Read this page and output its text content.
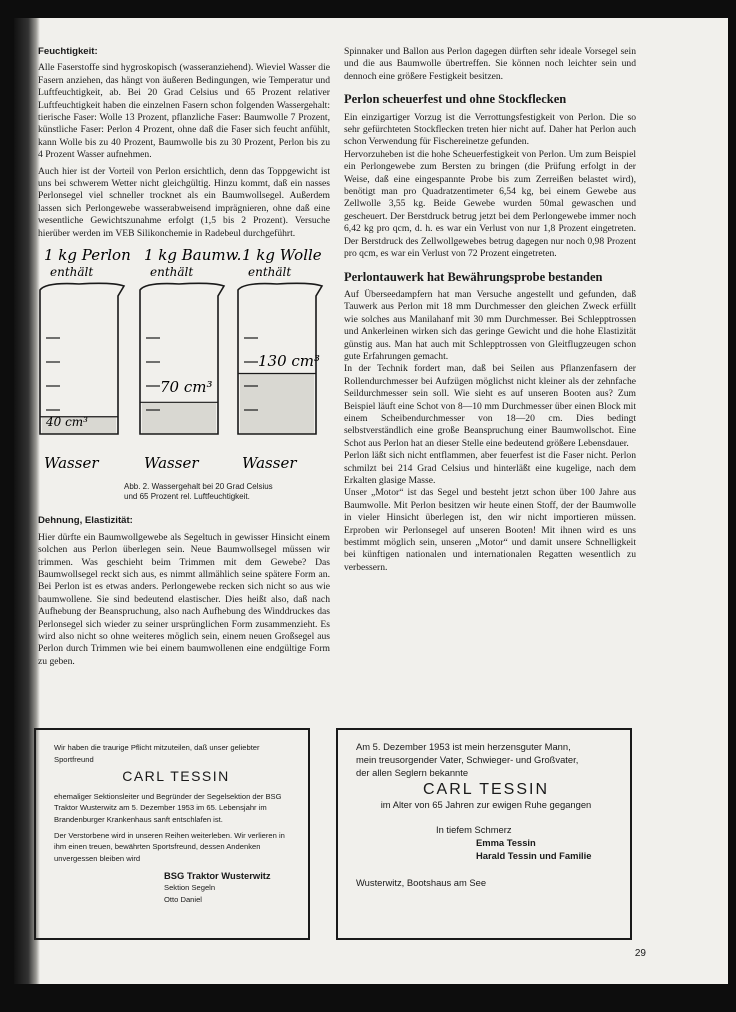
Feuchtigkeit:

Alle Faserstoffe sind hygroskopisch (wasseranziehend). Wieviel Wasser die Fasern anziehen, das hängt von äußeren Bedingungen, wie Temperatur und Luftfeuchtigkeit, ab. Bei 20 Grad Celsius und 65 Prozent relativer Luftfeuchtigkeit haben die einzelnen Fasern schon folgenden Wassergehalt: tierische Faser: Wolle 13 Prozent, pflanzliche Faser: Baumwolle 7 Prozent, künstliche Faser: Perlon 4 Prozent, ohne daß die Faser sich feucht anfühlt, kann Wolle bis zu 40 Prozent, Baumwolle bis zu 30 Prozent, Perlon bis zu 4 Prozent Wasser aufnehmen.

Auch hier ist der Vorteil von Perlon ersichtlich, denn das Toppgewicht ist uns bei schwerem Wetter nicht gleichgültig. Hinzu kommt, daß ein nasses Perlonsegel viel schneller trocknet als ein Baumwollsegel. Außerdem lassen sich Perlongewebe wasserabweisend imprägnieren, ohne daß eine wesentliche Gewichtszunahme erfolgt (1,5 bis 2 Prozent). Versuche hierüber werden im VEB Silikonchemie in Radebeul durchgeführt.

1 kg Perlon
enthält
40 cm³
Wasser
1 kg Baumw.
enthält
70 cm³
Wasser
1 kg Wolle
enthält
130 cm³
Wasser
Abb. 2. Wassergehalt bei 20 Grad Celsius
und 65 Prozent rel. Luftfeuchtigkeit.
Dehnung, Elastizität:

Hier dürfte ein Baumwollgewebe als Segeltuch in gewisser Hinsicht einem solchen aus Perlon überlegen sein. Neue Baumwollsegel müssen wir trimmen. Was geschieht beim Trimmen mit dem Gewebe? Das Baumwollsegel reckt sich aus, es nimmt allmählich seine spätere Form an. Bei Perlon ist es etwas anders. Perlongewebe recken sich nicht so aus wie baumwollene. Sie sind bedeutend elastischer. Dies heißt also, daß nach Aufhebung der Beanspruchung, also nach Aufhebung des Winddruckes das Perlonsegel sich wieder zu seiner ursprünglichen Form zusammenzieht. Es wird also nicht so ohne weiteres möglich sein, einem neuen Großsegel aus Perlon durch Trimmen wie bei einem baumwollenen eine endgültige Form zu geben.

Spinnaker und Ballon aus Perlon dagegen dürften sehr ideale Vorsegel sein und die aus Baumwolle übertreffen. Sie können noch leichter sein und dennoch eine größere Festigkeit besitzen.

Perlon scheuerfest und ohne Stockflecken

Ein einzigartiger Vorzug ist die Verrottungsfestigkeit von Perlon. Die so sehr gefürchteten Stockflecken treten hier nicht auf. Daher hat Perlon auch schon Verwendung für Fischereinetze gefunden.

Hervorzuheben ist die hohe Scheuerfestigkeit von Perlon. Um zum Beispiel ein Perlongewebe zum Bersten zu bringen (die Prüfung erfolgt in der Weise, daß eine eingespannte Probe bis zum Zerreißen belastet wird), benötigt man pro Quadratzentimeter 6,54 kg, bei einem Gewebe aus Zellwolle 3,55 kg. Beide Gewebe wurden 50mal gewaschen und gescheuert. Der Berstdruck betrug jetzt bei dem Perlongewebe immer noch 6,42 kg pro qcm, d. h. es war ein Verlust von nur 1,8 Prozent eingetreten. Der Berstdruck des Zellwollgewebes betrug dagegen nur noch 0,98 Prozent pro qcm, es war ein Verlust von 72 Prozent eingetreten.

Perlontauwerk hat Bewährungsprobe bestanden

Auf Überseedampfern hat man Versuche angestellt und gefunden, daß Tauwerk aus Perlon mit 18 mm Durchmesser den gleichen Zweck erfüllt wie solches aus Manilahanf mit 30 mm Durchmesser. Bei Schlepptrossen und Ankerleinen wirken sich das geringe Gewicht und die hohe Elastizität günstig aus. Man hat auch mit Schlepptrossen von Gleitflugzeugen schon gute Erfahrungen gemacht.

In der Technik fordert man, daß bei Seilen aus Pflanzenfasern der Rollendurchmesser bei Aufzügen möglichst nicht kleiner als der zehnfache Seildurchmesser sein soll. Wie sieht es auf unseren Booten aus? Zum Beispiel läuft eine Schot von 8—10 mm Durchmesser über einen Block mit einem Scheibendurchmesser von 18—20 cm. Dies bedingt selbstverständlich eine große Beanspruchung einer Baumwollschot. Eine Schot aus Perlon hat an dieser Stelle eine bedeutend größere Lebensdauer.

Perlon läßt sich nicht entflammen, aber feuerfest ist die Faser nicht. Perlon schmilzt bei 214 Grad Celsius und hinterläßt eine kugelige, nach dem Erkalten glasige Masse.

Unser „Motor“ ist das Segel und besteht jetzt schon über 100 Jahre aus Baumwolle. Mit Perlon besitzen wir heute einen Stoff, der der Baumwolle in vieler Hinsicht überlegen ist, den wir nicht importieren müssen. Erproben wir Perlonsegel auf unseren Booten! Mit ihnen wird es uns bestimmt möglich sein, unseren „Motor“ und damit unsere Schnelligkeit bei künftigen nationalen und internationalen Regatten wesentlich zu verbessern.

Wir haben die traurige Pflicht mitzuteilen, daß unser geliebter Sportfreund
CARL TESSIN
ehemaliger Sektionsleiter und Begründer der Segelsektion der BSG Traktor Wusterwitz am 5. Dezember 1953 im 65. Lebensjahr im Brandenburger Krankenhaus sanft entschlafen ist.
Der Verstorbene wird in unseren Reihen weiterleben. Wir verlieren in ihm einen treuen, bewährten Sportsfreund, dessen Andenken unvergessen bleiben wird
BSG Traktor Wusterwitz
Sektion Segeln
Otto Daniel
Am 5. Dezember 1953 ist mein herzensguter Mann,
mein treusorgender Vater, Schwieger- und Großvater,
der allen Seglern bekannte
CARL TESSIN
im Alter von 65 Jahren zur ewigen Ruhe gegangen
In tiefem Schmerz
Emma Tessin
Harald Tessin und Familie
Wusterwitz, Bootshaus am See
29
